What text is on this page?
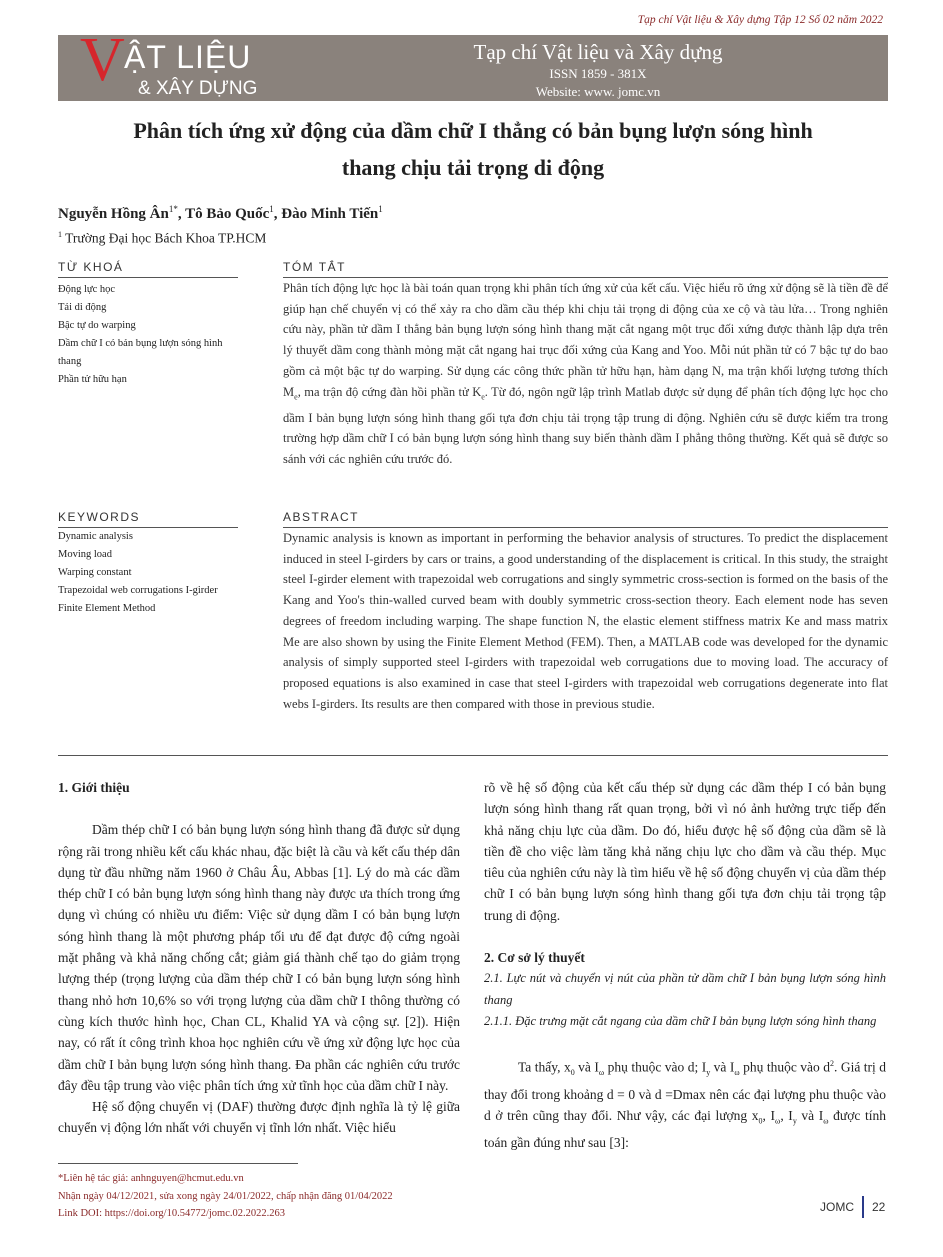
Tạp chí Vật liệu & Xây dựng Tập 12 Số 02 năm 2022
V ẬT LIỆU
& XÂY DỰNG
Tạp chí Vật liệu và Xây dựng
ISSN 1859 - 381X
Website: www. jomc.vn
Phân tích ứng xử động của dầm chữ I thẳng có bản bụng lượn sóng hình
thang chịu tải trọng di động
Nguyễn Hồng $Ân^{1*}$, Tô Bảo Quốc$^1$, Đào Minh Tiến$^1$
$^1$ Trường Đại học Bách Khoa TP.HCM
TỪ KHOÁ
Động lực học
Tải di động
Bậc tự do warping
Dầm chữ I có bản bụng lượn sóng hình thang
Phần tử hữu hạn
TÓM TẮT
Phân tích động lực học là bài toán quan trọng khi phân tích ứng xử của kết cấu. Việc hiểu rõ ứng xử động sẽ là tiền đề để giúp hạn chế chuyển vị có thể xảy ra cho dầm cầu thép khi chịu tải trọng di động của xe cộ và tàu lửa… Trong nghiên cứu này, phần tử dầm I thẳng bản bụng lượn sóng hình thang mặt cắt ngang một trục đối xứng được thành lập dựa trên lý thuyết dầm cong thành mỏng mặt cắt ngang hai trục đối xứng của Kang and Yoo. Mỗi nút phần tử có 7 bậc tự do bao gồm cả một bậc tự do warping. Sử dụng các công thức phần tử hữu hạn, hàm dạng N, ma trận khối lượng tương thích $M_e$, ma trận độ cứng đàn hồi phần tử $K_e$. Từ đó, ngôn ngữ lập trình Matlab được sử dụng để phân tích động lực học cho dầm I bản bụng lượn sóng hình thang gối tựa đơn chịu tải trọng tập trung di động. Nghiên cứu sẽ được kiểm tra trong trường hợp dầm chữ I có bản bụng lượn sóng hình thang suy biến thành dầm I phẳng thông thường. Kết quả sẽ được so sánh với các nghiên cứu trước đó.
KEYWORDS
Dynamic analysis
Moving load
Warping constant
Trapezoidal web corrugations I-girder
Finite Element Method
ABSTRACT
Dynamic analysis is known as important in performing the behavior analysis of structures. To predict the displacement induced in steel I-girders by cars or trains, a good understanding of the displacement is critical. In this study, the straight steel I-girder element with trapezoidal web corrugations and singly symmetric cross-section is formed on the basis of the Kang and Yoo's thin-walled curved beam with doubly symmetric cross-section theory. Each element node has seven degrees of freedom including warping. The shape function N, the elastic element stiffness matrix Ke and mass matrix Me are also shown by using the Finite Element Method (FEM). Then, a MATLAB code was developed for the dynamic analysis of simply supported steel I-girders with trapezoidal web corrugations due to moving load. The accuracy of proposed equations is also examined in case that steel I-girders with trapezoidal web corrugations degenerate into flat webs I-girders. Its results are then compared with those in previous studie.

1. Giới thiệu

Dầm thép chữ I có bản bụng lượn sóng hình thang đã được sử dụng rộng rãi trong nhiều kết cấu khác nhau, đặc biệt là cầu và kết cấu thép dân dụng từ đầu những năm 1960 ở Châu Âu, Abbas [1]. Lý do mà các dầm thép chữ I có bản bụng lượn sóng hình thang này được ưa thích trong ứng dụng vì chúng có nhiều ưu điểm: Việc sử dụng dầm I có bản bụng lượn sóng hình thang là một phương pháp tối ưu để đạt được độ cứng ngoài mặt phẳng và khả năng chống cắt; giảm giá thành chế tạo do giảm trọng lượng thép (trọng lượng của dầm thép chữ I có bản bụng lượn sóng hình thang nhỏ hơn 10,6% so với trọng lượng của dầm chữ I thông thường có cùng kích thước hình học, Chan CL, Khalid YA và cộng sự. [2]). Hiện nay, có rất ít công trình khoa học nghiên cứu về ứng xử động lực học của dầm chữ I bản bụng lượn sóng hình thang. Đa phần các nghiên cứu trước đây đều tập trung vào việc phân tích ứng xử tĩnh học của dầm chữ I này.

Hệ số động chuyển vị (DAF) thường được định nghĩa là tỷ lệ giữa chuyển vị động lớn nhất với chuyển vị tĩnh lớn nhất. Việc hiểu

rõ về hệ số động của kết cấu thép sử dụng các dầm thép I có bản bụng lượn sóng hình thang rất quan trọng, bởi vì nó ảnh hưởng trực tiếp đến khả năng chịu lực của dầm. Do đó, hiểu được hệ số động của dầm sẽ là tiền đề cho việc làm tăng khả năng chịu lực cho dầm và cầu thép. Mục tiêu của nghiên cứu này là tìm hiểu về hệ số động chuyển vị của dầm thép chữ I có bản bụng lượn sóng hình thang gối tựa đơn chịu tải trọng tập trung di động.

2. Cơ sở lý thuyết

2.1. Lực nút và chuyển vị nút của phần tử dầm chữ I bản bụng lượn sóng hình thang

2.1.1. Đặc trưng mặt cắt ngang của dầm chữ I bản bụng lượn sóng hình thang

Ta thấy, $x_0$ và $I_\omega$ phụ thuộc vào d; $I_y$ và $I_\omega$ phụ thuộc vào $d^2$. Giá trị d thay đổi trong khoảng d = 0 và d =Dmax nên các đại lượng phu thuộc vào d ở trên cũng thay đổi. Như vậy, các đại lượng $x_0$, $I_\omega$, $I_y$ và $I_\omega$ được tính toán gần đúng như sau [3]:

*Liên hệ tác giả: anhnguyen@hcmut.edu.vn
Nhận ngày 04/12/2021, sửa xong ngày 24/01/2022, chấp nhận đăng 01/04/2022
Link DOI: https://doi.org/10.54772/jomc.02.2022.263	JOMC 22
